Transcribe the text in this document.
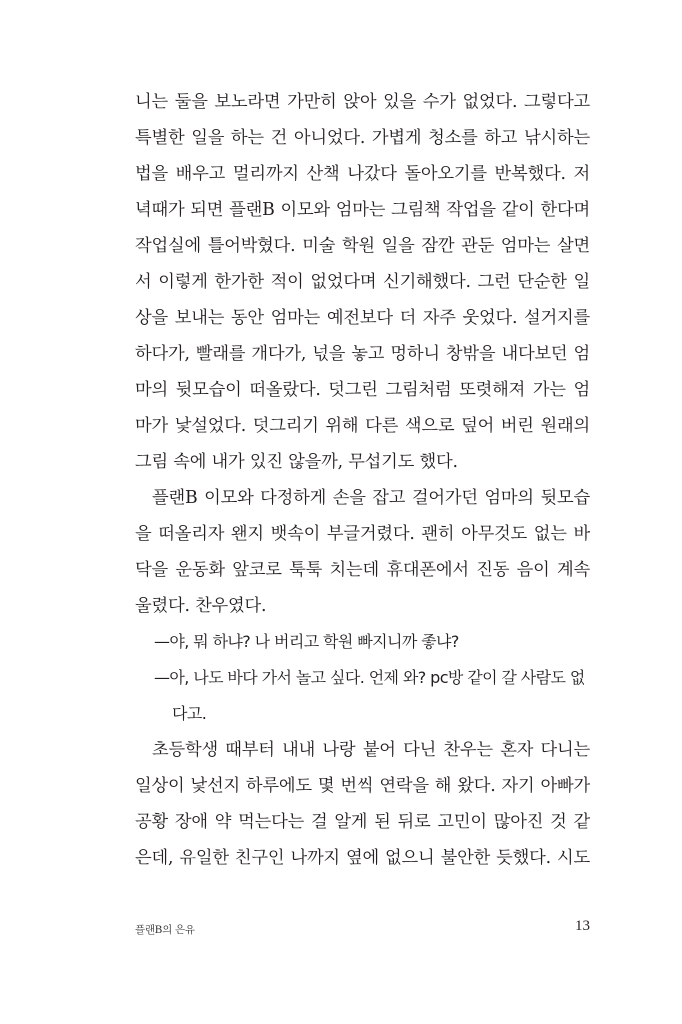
니는 둘을 보노라면 가만히 앉아 있을 수가 없었다. 그렇다고
특별한 일을 하는 건 아니었다. 가볍게 청소를 하고 낚시하는
법을 배우고 멀리까지 산책 나갔다 돌아오기를 반복했다. 저
녁때가 되면 플랜B 이모와 엄마는 그림책 작업을 같이 한다며
작업실에 틀어박혔다. 미술 학원 일을 잠깐 관둔 엄마는 살면
서 이렇게 한가한 적이 없었다며 신기해했다. 그런 단순한 일
상을 보내는 동안 엄마는 예전보다 더 자주 웃었다. 설거지를
하다가, 빨래를 개다가, 넋을 놓고 멍하니 창밖을 내다보던 엄
마의 뒷모습이 떠올랐다. 덧그린 그림처럼 또렷해져 가는 엄
마가 낯설었다. 덧그리기 위해 다른 색으로 덮어 버린 원래의
그림 속에 내가 있진 않을까, 무섭기도 했다.
플랜B 이모와 다정하게 손을 잡고 걸어가던 엄마의 뒷모습
을 떠올리자 왠지 뱃속이 부글거렸다. 괜히 아무것도 없는 바
닥을 운동화 앞코로 툭툭 치는데 휴대폰에서 진동 음이 계속
울렸다. 찬우였다.
—야, 뭐 하냐? 나 버리고 학원 빠지니까 좋냐?
—아, 나도 바다 가서 놀고 싶다. 언제 와? pc방 같이 갈 사람도 없
다고.
초등학생 때부터 내내 나랑 붙어 다닌 찬우는 혼자 다니는
일상이 낯선지 하루에도 몇 번씩 연락을 해 왔다. 자기 아빠가
공황 장애 약 먹는다는 걸 알게 된 뒤로 고민이 많아진 것 같
은데, 유일한 친구인 나까지 옆에 없으니 불안한 듯했다. 시도
플랜B의 은유	13
